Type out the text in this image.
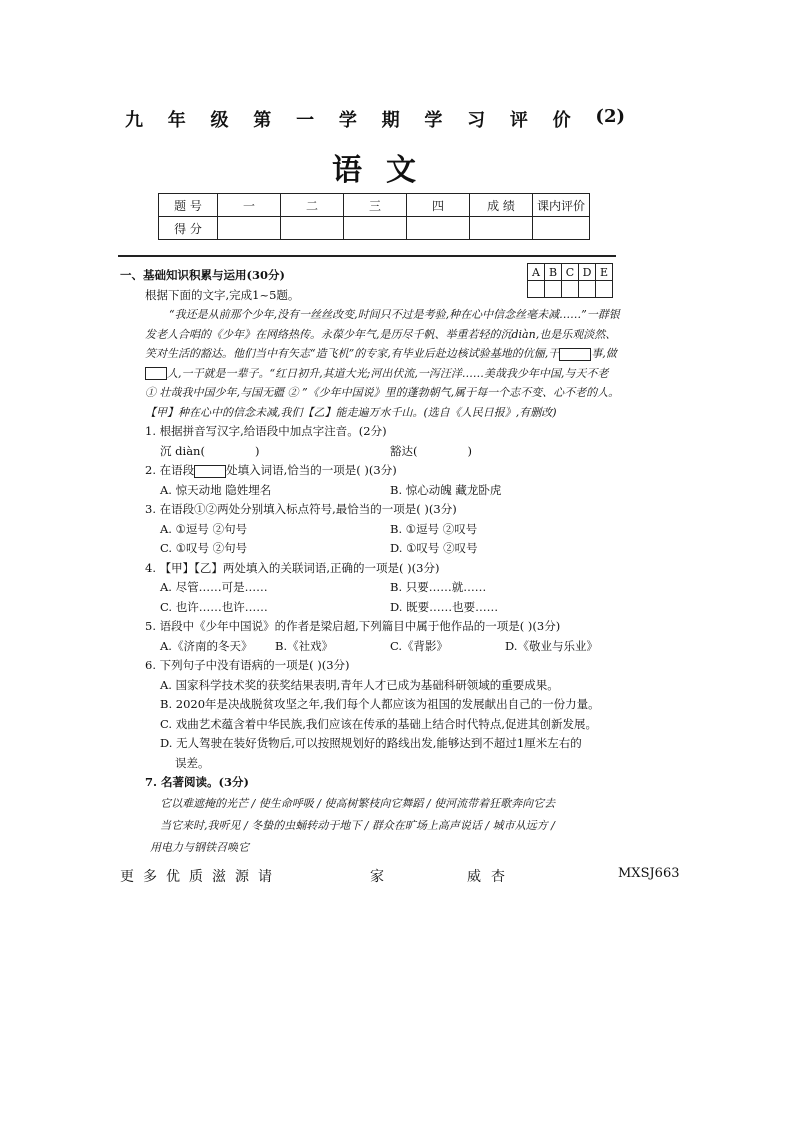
九 年 级 第 一 学 期 学 习 评 价 (2)
语文
题 号	一	二	三	四	成 绩	课内评价
得 分						
A	B	C	D	E

一、基础知识积累与运用(30分)

根据下面的文字,完成1~5题。

“我还是从前那个少年,没有一丝丝改变,时间只不过是考验,种在心中信念丝毫未减……”一群银发老人合唱的《少年》在网络热传。永葆少年气,是历尽千帆、举重若轻的沉diàn,也是乐观淡然、笑对生活的豁达。他们当中有矢志“造飞机”的专家,有毕业后赴边核试验基地的伉俪,干	事,做人,一干就是一辈子。“红日初升,其道大光;河出伏流,一泻汪洋……美哉我少年中国,与天不老 ① 壮哉我中国少年,与国无疆 ② ”《少年中国说》里的蓬勃朝气,属于每一个志不变、心不老的人。【甲】种在心中的信念未减,我们【乙】能走遍万水千山。(选自《人民日报》,有删改)

1. 根据拼音写汉字,给语段中加点字注音。(2分)

沉 diàn(	)	豁达(	)

2. 在语段	处填入词语,恰当的一项是( )(3分)

A. 惊天动地 隐姓埋名	B. 惊心动魄 藏龙卧虎

3. 在语段①②两处分别填入标点符号,最恰当的一项是( )(3分)

A. ①逗号 ②句号	B. ①逗号 ②叹号
C. ①叹号 ②句号	D. ①叹号 ②叹号

4. 【甲】【乙】两处填入的关联词语,正确的一项是( )(3分)

A. 尽管……可是……	B. 只要……就……
C. 也许……也许……	D. 既要……也要……

5. 语段中《少年中国说》的作者是梁启超,下列篇目中属于他作品的一项是( )(3分)

A.《济南的冬天》	B.《社戏》	C.《背影》	D.《敬业与乐业》

6. 下列句子中没有语病的一项是( )(3分)

A. 国家科学技术奖的获奖结果表明,青年人才已成为基础科研领域的重要成果。

B. 2020年是决战脱贫攻坚之年,我们每个人都应该为祖国的发展献出自己的一份力量。

C. 戏曲艺术蕴含着中华民族,我们应该在传承的基础上结合时代特点,促进其创新发展。

D. 无人驾驶在装好货物后,可以按照规划好的路线出发,能够达到不超过1厘米左右的

误差。

7. 名著阅读。(3分)

它以难遮掩的光芒 / 使生命呼吸 / 使高树繁枝向它舞蹈 / 使河流带着狂歌奔向它去

当它来时,我听见 / 冬蛰的虫蛹转动于地下 / 群众在旷场上高声说话 / 城市从远方 /

用电力与钢铁召唤它

更多优质滋源请	家	威杏	MXSJ663
